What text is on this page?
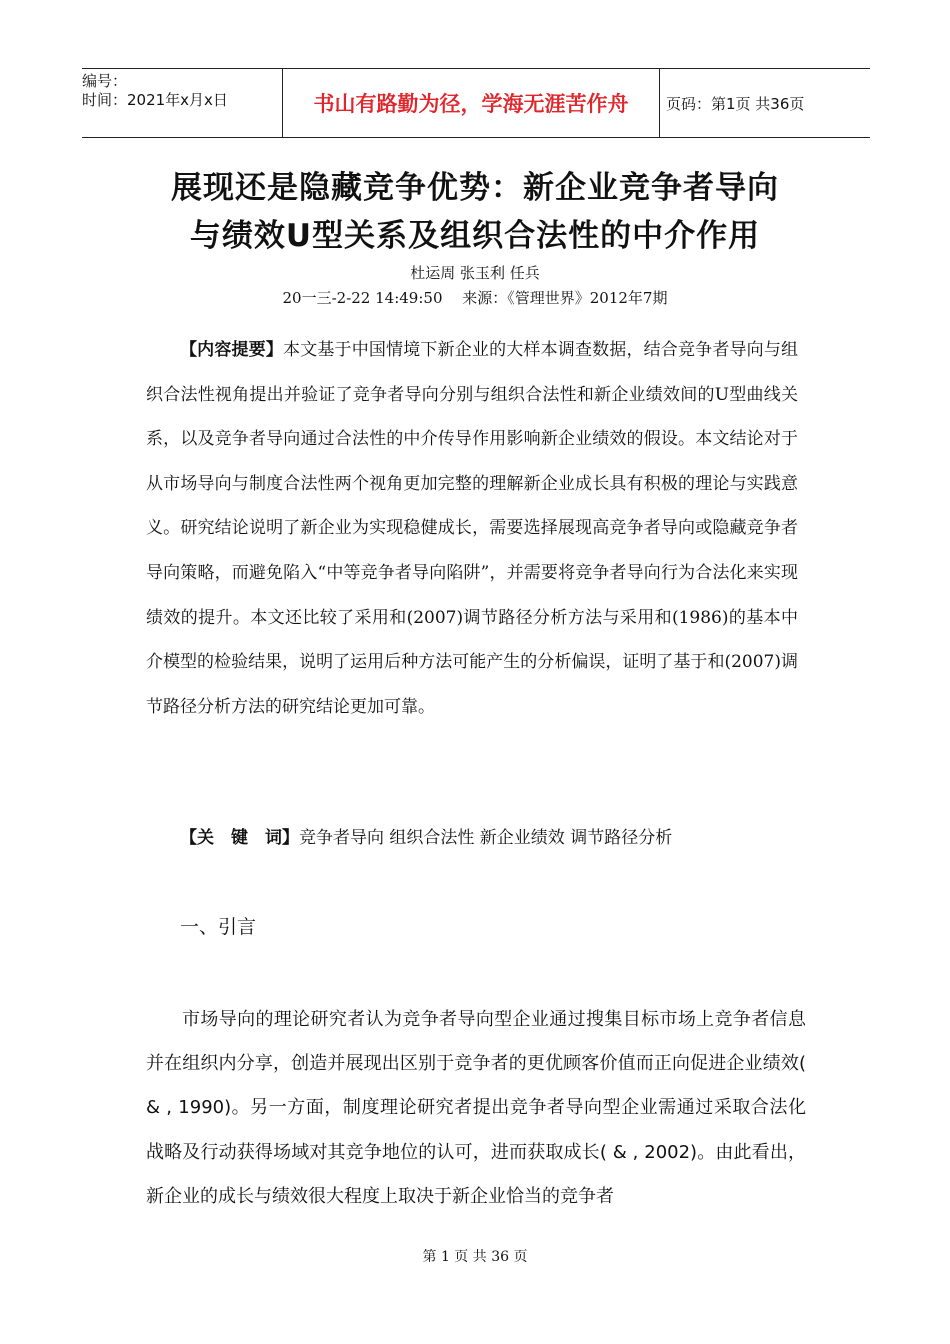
编号：
时间：2021年x月x日	书山有路勤为径，学海无涯苦作舟	页码：第1页 共36页
展现还是隐藏竞争优势：新企业竞争者导向
与绩效U型关系及组织合法性的中介作用
杜运周 张玉利 任兵
20一三-2-22 14:49:50　 来源：《管理世界》2012年7期

【内容提要】本文基于中国情境下新企业的大样本调查数据，结合竞争者导向与组织合法性视角提出并验证了竞争者导向分别与组织合法性和新企业绩效间的U型曲线关系，以及竞争者导向通过合法性的中介传导作用影响新企业绩效的假设。本文结论对于从市场导向与制度合法性两个视角更加完整的理解新企业成长具有积极的理论与实践意义。研究结论说明了新企业为实现稳健成长，需要选择展现高竞争者导向或隐藏竞争者导向策略，而避免陷入“中等竞争者导向陷阱”，并需要将竞争者导向行为合法化来实现绩效的提升。本文还比较了采用和(2007)调节路径分析方法与采用和(1986)的基本中介模型的检验结果，说明了运用后种方法可能产生的分析偏误，证明了基于和(2007)调节路径分析方法的研究结论更加可靠。

【关　键　词】竞争者导向 组织合法性 新企业绩效 调节路径分析
一、引言

市场导向的理论研究者认为竞争者导向型企业通过搜集目标市场上竞争者信息并在组织内分享，创造并展现出区别于竞争者的更优顾客价值而正向促进企业绩效( & , 1990)。另一方面，制度理论研究者提出竞争者导向型企业需通过采取合法化战略及行动获得场域对其竞争地位的认可，进而获取成长( & , 2002)。由此看出，新企业的成长与绩效很大程度上取决于新企业恰当的竞争者

第 1 页 共 36 页
